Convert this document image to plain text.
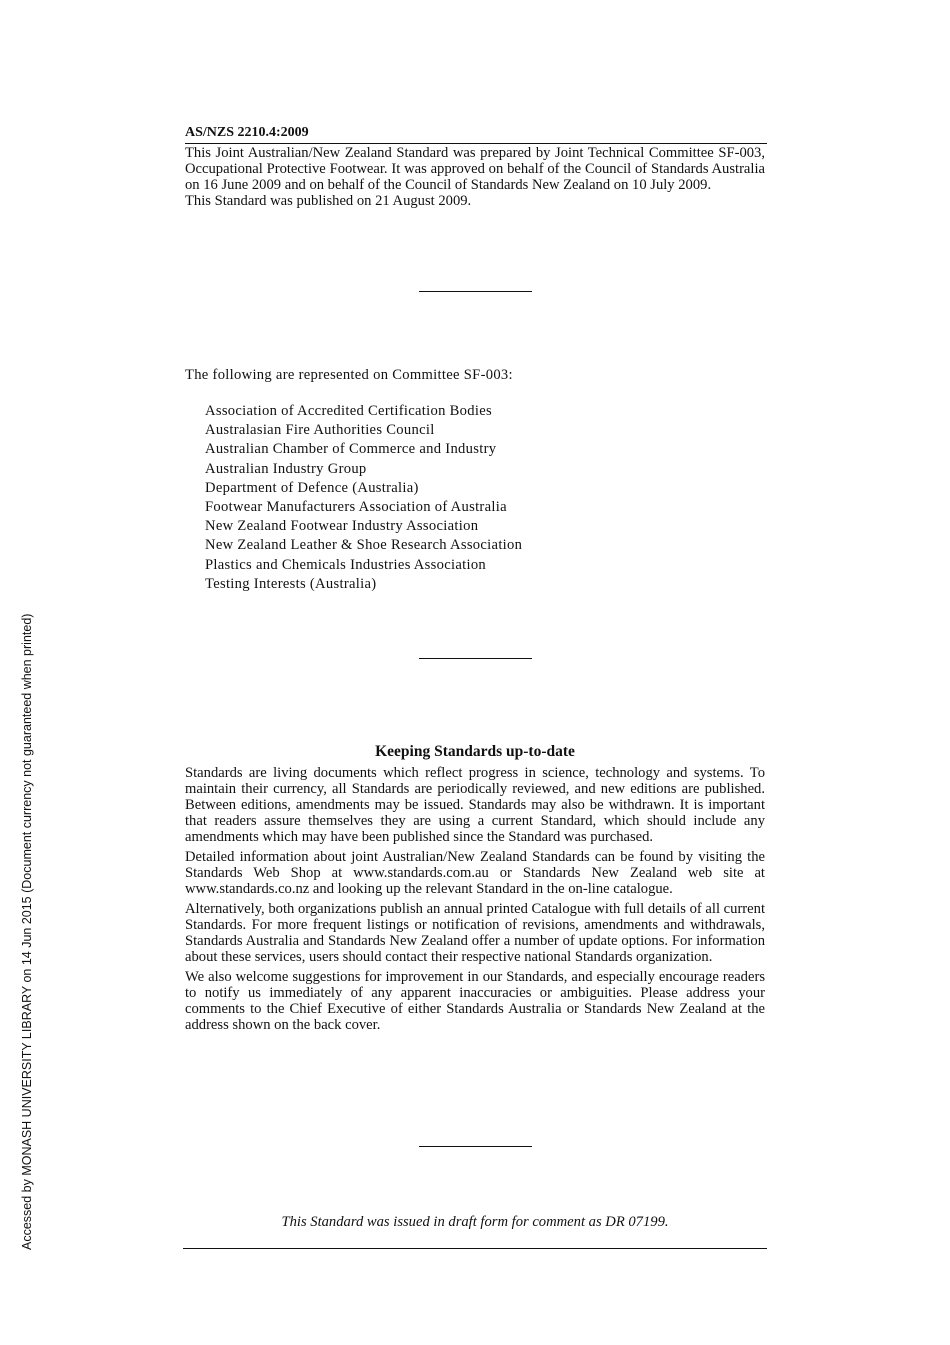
Accessed by MONASH UNIVERSITY LIBRARY on 14 Jun 2015 (Document currency not guaranteed when printed)
AS/NZS 2210.4:2009

This Joint Australian/New Zealand Standard was prepared by Joint Technical Committee SF-003, Occupational Protective Footwear. It was approved on behalf of the Council of Standards Australia on 16 June 2009 and on behalf of the Council of Standards New Zealand on 10 July 2009.

This Standard was published on 21 August 2009.

The following are represented on Committee SF-003:
Association of Accredited Certification Bodies
Australasian Fire Authorities Council
Australian Chamber of Commerce and Industry
Australian Industry Group
Department of Defence (Australia)
Footwear Manufacturers Association of Australia
New Zealand Footwear Industry Association
New Zealand Leather & Shoe Research Association
Plastics and Chemicals Industries Association
Testing Interests (Australia)
Keeping Standards up-to-date

Standards are living documents which reflect progress in science, technology and systems. To maintain their currency, all Standards are periodically reviewed, and new editions are published. Between editions, amendments may be issued. Standards may also be withdrawn. It is important that readers assure themselves they are using a current Standard, which should include any amendments which may have been published since the Standard was purchased.

Detailed information about joint Australian/New Zealand Standards can be found by visiting the Standards Web Shop at www.standards.com.au or Standards New Zealand web site at www.standards.co.nz and looking up the relevant Standard in the on-line catalogue.

Alternatively, both organizations publish an annual printed Catalogue with full details of all current Standards. For more frequent listings or notification of revisions, amendments and withdrawals, Standards Australia and Standards New Zealand offer a number of update options. For information about these services, users should contact their respective national Standards organization.

We also welcome suggestions for improvement in our Standards, and especially encourage readers to notify us immediately of any apparent inaccuracies or ambiguities. Please address your comments to the Chief Executive of either Standards Australia or Standards New Zealand at the address shown on the back cover.

This Standard was issued in draft form for comment as DR 07199.
